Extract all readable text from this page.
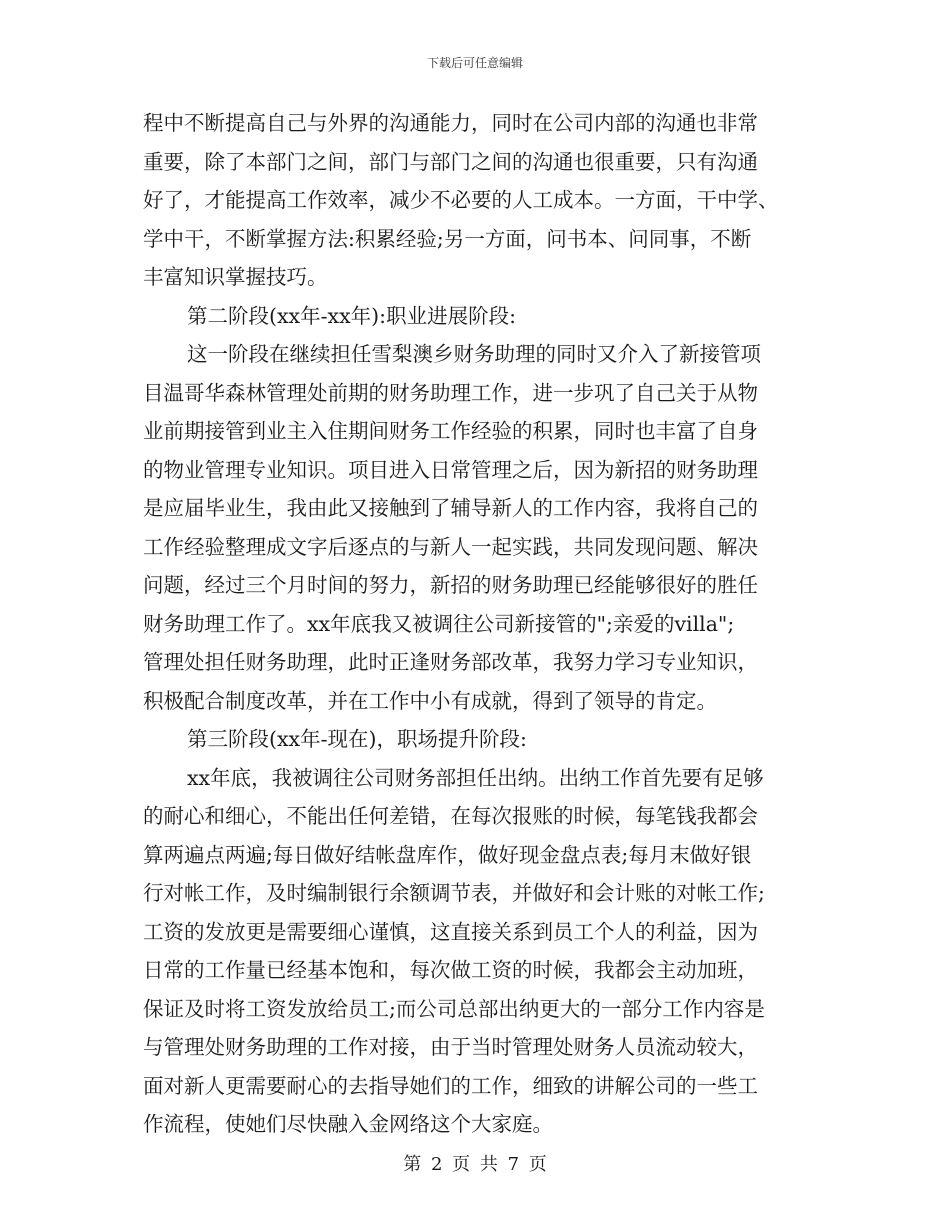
下载后可任意编辑
程中不断提高自己与外界的沟通能力，同时在公司内部的沟通也非常
重要，除了本部门之间，部门与部门之间的沟通也很重要，只有沟通
好了，才能提高工作效率，减少不必要的人工成本。一方面，干中学、
学中干，不断掌握方法:积累经验;另一方面，问书本、问同事，不断
丰富知识掌握技巧。
第二阶段(xx年-xx年):职业进展阶段:
这一阶段在继续担任雪梨澳乡财务助理的同时又介入了新接管项
目温哥华森林管理处前期的财务助理工作，进一步巩了自己关于从物
业前期接管到业主入住期间财务工作经验的积累，同时也丰富了自身
的物业管理专业知识。项目进入日常管理之后，因为新招的财务助理
是应届毕业生，我由此又接触到了辅导新人的工作内容，我将自己的
工作经验整理成文字后逐点的与新人一起实践，共同发现问题、解决
问题，经过三个月时间的努力，新招的财务助理已经能够很好的胜任
财务助理工作了。xx年底我又被调往公司新接管的";亲爱的villa";
管理处担任财务助理，此时正逢财务部改革，我努力学习专业知识，
积极配合制度改革，并在工作中小有成就，得到了领导的肯定。
第三阶段(xx年-现在)，职场提升阶段:
xx年底，我被调往公司财务部担任出纳。出纳工作首先要有足够
的耐心和细心，不能出任何差错，在每次报账的时候，每笔钱我都会
算两遍点两遍;每日做好结帐盘库作，做好现金盘点表;每月末做好银
行对帐工作，及时编制银行余额调节表，并做好和会计账的对帐工作;
工资的发放更是需要细心谨慎，这直接关系到员工个人的利益，因为
日常的工作量已经基本饱和，每次做工资的时候，我都会主动加班，
保证及时将工资发放给员工;而公司总部出纳更大的一部分工作内容是
与管理处财务助理的工作对接，由于当时管理处财务人员流动较大，
面对新人更需要耐心的去指导她们的工作，细致的讲解公司的一些工
作流程，使她们尽快融入金网络这个大家庭。
第 2 页 共 7 页
